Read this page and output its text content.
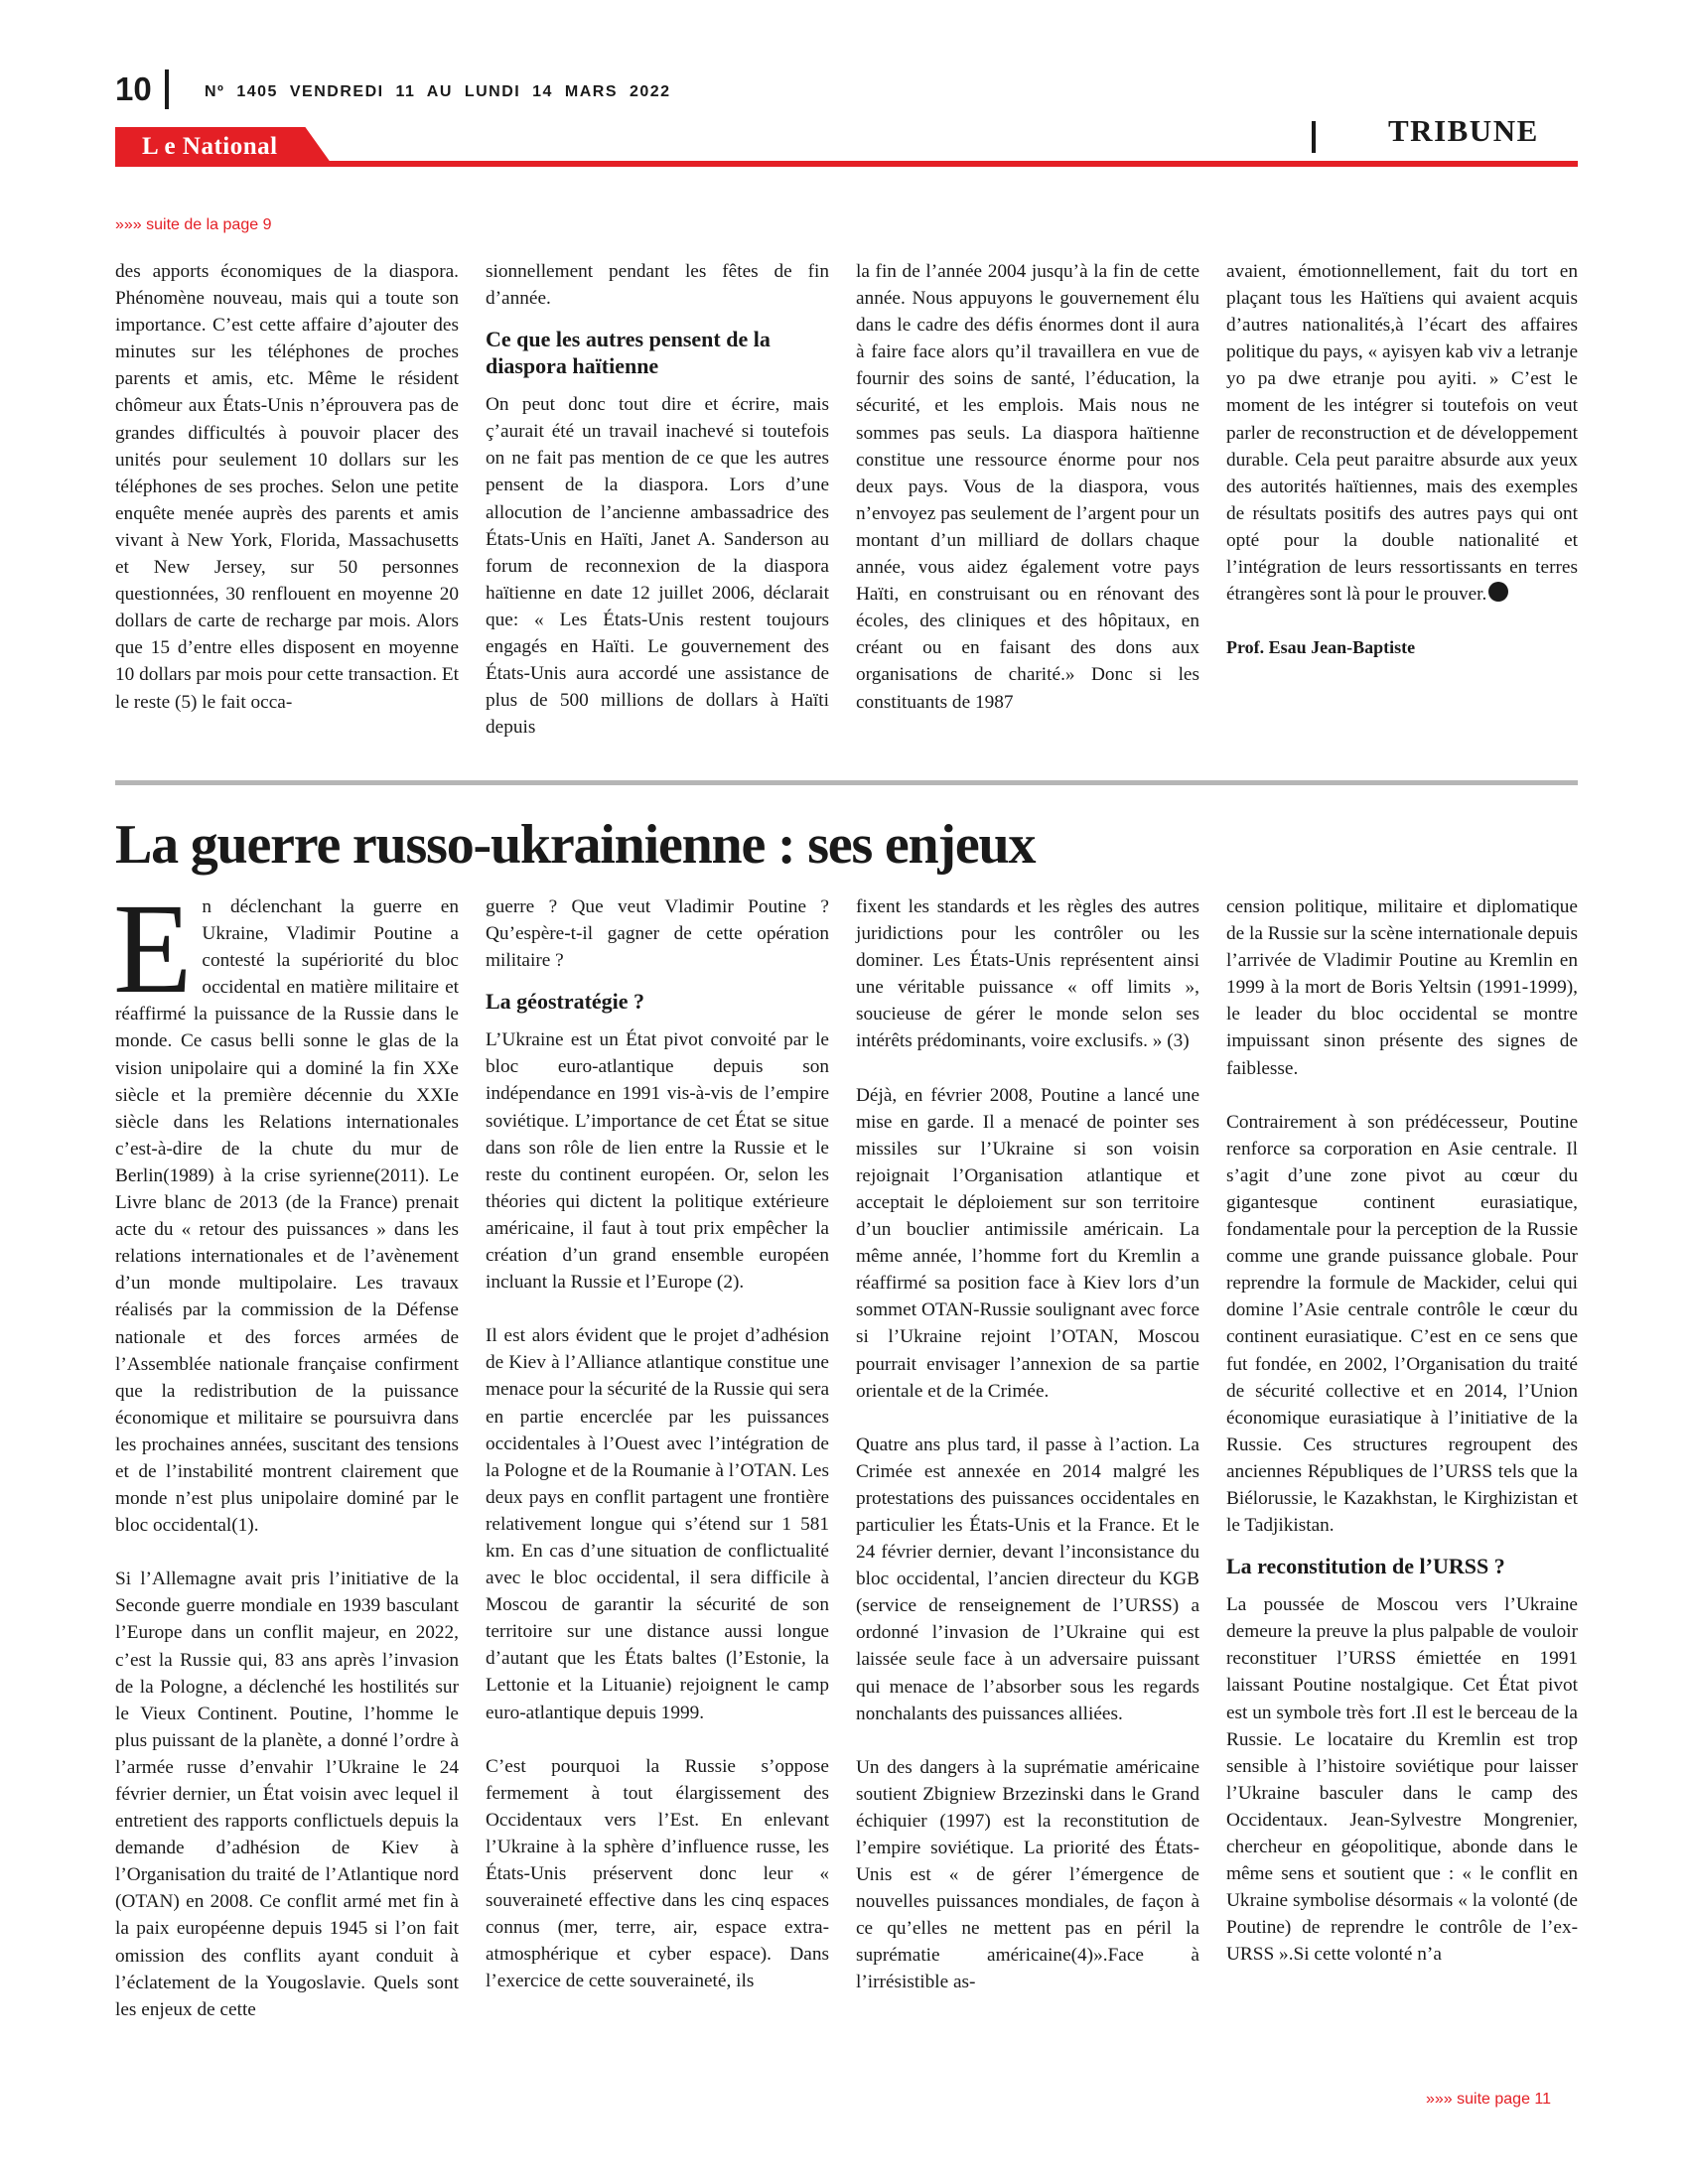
10	Nº 1405 VENDREDI 11 AU LUNDI 14 MARS 2022
L e National	TRIBUNE
»»» suite de la page 9

des apports économiques de la diaspora. Phénomène nouveau, mais qui a toute son importance. C’est cette affaire d’ajouter des minutes sur les téléphones de proches parents et amis, etc. Même le résident chômeur aux États-Unis n’éprouvera pas de grandes difficultés à pouvoir placer des unités pour seulement 10 dollars sur les téléphones de ses proches. Selon une petite enquête menée auprès des parents et amis vivant à New York, Florida, Massachusetts et New Jersey, sur 50 personnes questionnées, 30 renflouent en moyenne 20 dollars de carte de recharge par mois. Alors que 15 d’entre elles disposent en moyenne 10 dollars par mois pour cette transaction. Et le reste (5) le fait occa-

sionnellement pendant les fêtes de fin d’année.

Ce que les autres pensent de la diaspora haïtienne

On peut donc tout dire et écrire, mais ç’aurait été un travail inachevé si toutefois on ne fait pas mention de ce que les autres pensent de la diaspora. Lors d’une allocution de l’ancienne ambassadrice des États-Unis en Haïti, Janet A. Sanderson au forum de reconnexion de la diaspora haïtienne en date 12 juillet 2006, déclarait que: « Les États-Unis restent toujours engagés en Haïti. Le gouvernement des États-Unis aura accordé une assistance de plus de 500 millions de dollars à Haïti depuis

la fin de l’année 2004 jusqu’à la fin de cette année. Nous appuyons le gouvernement élu dans le cadre des défis énormes dont il aura à faire face alors qu’il travaillera en vue de fournir des soins de santé, l’éducation, la sécurité, et les emplois. Mais nous ne sommes pas seuls. La diaspora haïtienne constitue une ressource énorme pour nos deux pays. Vous de la diaspora, vous n’envoyez pas seulement de l’argent pour un montant d’un milliard de dollars chaque année, vous aidez également votre pays Haïti, en construisant ou en rénovant des écoles, des cliniques et des hôpitaux, en créant ou en faisant des dons aux organisations de charité.» Donc si les constituants de 1987

avaient, émotionnellement, fait du tort en plaçant tous les Haïtiens qui avaient acquis d’autres nationalités,à l’écart des affaires politique du pays, « ayisyen kab viv a letranje yo pa dwe etranje pou ayiti. » C’est le moment de les intégrer si toutefois on veut parler de reconstruction et de développement durable. Cela peut paraitre absurde aux yeux des autorités haïtiennes, mais des exemples de résultats positifs des autres pays qui ont opté pour la double nationalité et l’intégration de leurs ressortissants en terres étrangères sont là pour le prouver.

Prof. Esau Jean-Baptiste
La guerre russo-ukrainienne : ses enjeux

En déclenchant la guerre en Ukraine, Vladimir Poutine a contesté la supériorité du bloc occidental en matière militaire et réaffirmé la puissance de la Russie dans le monde. Ce casus belli sonne le glas de la vision unipolaire qui a dominé la fin XXe siècle et la première décennie du XXIe siècle dans les Relations internationales c’est-à-dire de la chute du mur de Berlin(1989) à la crise syrienne(2011). Le Livre blanc de 2013 (de la France) prenait acte du « retour des puissances » dans les relations internationales et de l’avènement d’un monde multipolaire. Les travaux réalisés par la commission de la Défense nationale et des forces armées de l’Assemblée nationale française confirment que la redistribution de la puissance économique et militaire se poursuivra dans les prochaines années, suscitant des tensions et de l’instabilité montrent clairement que monde n’est plus unipolaire dominé par le bloc occidental(1).

Si l’Allemagne avait pris l’initiative de la Seconde guerre mondiale en 1939 basculant l’Europe dans un conflit majeur, en 2022, c’est la Russie qui, 83 ans après l’invasion de la Pologne, a déclenché les hostilités sur le Vieux Continent. Poutine, l’homme le plus puissant de la planète, a donné l’ordre à l’armée russe d’envahir l’Ukraine le 24 février dernier, un État voisin avec lequel il entretient des rapports conflictuels depuis la demande d’adhésion de Kiev à l’Organisation du traité de l’Atlantique nord (OTAN) en 2008. Ce conflit armé met fin à la paix européenne depuis 1945 si l’on fait omission des conflits ayant conduit à l’éclatement de la Yougoslavie. Quels sont les enjeux de cette

guerre ? Que veut Vladimir Poutine ? Qu’espère-t-il gagner de cette opération militaire ?

La géostratégie ?

L’Ukraine est un État pivot convoité par le bloc euro-atlantique depuis son indépendance en 1991 vis-à-vis de l’empire soviétique. L’importance de cet État se situe dans son rôle de lien entre la Russie et le reste du continent européen. Or, selon les théories qui dictent la politique extérieure américaine, il faut à tout prix empêcher la création d’un grand ensemble européen incluant la Russie et l’Europe (2).

Il est alors évident que le projet d’adhésion de Kiev à l’Alliance atlantique constitue une menace pour la sécurité de la Russie qui sera en partie encerclée par les puissances occidentales à l’Ouest avec l’intégration de la Pologne et de la Roumanie à l’OTAN. Les deux pays en conflit partagent une frontière relativement longue qui s’étend sur 1 581 km. En cas d’une situation de conflictualité avec le bloc occidental, il sera difficile à Moscou de garantir la sécurité de son territoire sur une distance aussi longue d’autant que les États baltes (l’Estonie, la Lettonie et la Lituanie) rejoignent le camp euro-atlantique depuis 1999.

C’est pourquoi la Russie s’oppose fermement à tout élargissement des Occidentaux vers l’Est. En enlevant l’Ukraine à la sphère d’influence russe, les États-Unis préservent donc leur « souveraineté effective dans les cinq espaces connus (mer, terre, air, espace extra-atmosphérique et cyber espace). Dans l’exercice de cette souveraineté, ils

fixent les standards et les règles des autres juridictions pour les contrôler ou les dominer. Les États-Unis représentent ainsi une véritable puissance « off limits », soucieuse de gérer le monde selon ses intérêts prédominants, voire exclusifs. » (3)

Déjà, en février 2008, Poutine a lancé une mise en garde. Il a menacé de pointer ses missiles sur l’Ukraine si son voisin rejoignait l’Organisation atlantique et acceptait le déploiement sur son territoire d’un bouclier antimissile américain. La même année, l’homme fort du Kremlin a réaffirmé sa position face à Kiev lors d’un sommet OTAN-Russie soulignant avec force si l’Ukraine rejoint l’OTAN, Moscou pourrait envisager l’annexion de sa partie orientale et de la Crimée.

Quatre ans plus tard, il passe à l’action. La Crimée est annexée en 2014 malgré les protestations des puissances occidentales en particulier les États-Unis et la France. Et le 24 février dernier, devant l’inconsistance du bloc occidental, l’ancien directeur du KGB (service de renseignement de l’URSS) a ordonné l’invasion de l’Ukraine qui est laissée seule face à un adversaire puissant qui menace de l’absorber sous les regards nonchalants des puissances alliées.

Un des dangers à la suprématie américaine soutient Zbigniew Brzezinski dans le Grand échiquier (1997) est la reconstitution de l’empire soviétique. La priorité des États-Unis est « de gérer l’émergence de nouvelles puissances mondiales, de façon à ce qu’elles ne mettent pas en péril la suprématie américaine(4)».Face à l’irrésistible as-

cension politique, militaire et diplomatique de la Russie sur la scène internationale depuis l’arrivée de Vladimir Poutine au Kremlin en 1999 à la mort de Boris Yeltsin (1991-1999), le leader du bloc occidental se montre impuissant sinon présente des signes de faiblesse.

Contrairement à son prédécesseur, Poutine renforce sa corporation en Asie centrale. Il s’agit d’une zone pivot au cœur du gigantesque continent eurasiatique, fondamentale pour la perception de la Russie comme une grande puissance globale. Pour reprendre la formule de Mackider, celui qui domine l’Asie centrale contrôle le cœur du continent eurasiatique. C’est en ce sens que fut fondée, en 2002, l’Organisation du traité de sécurité collective et en 2014, l’Union économique eurasiatique à l’initiative de la Russie. Ces structures regroupent des anciennes Républiques de l’URSS tels que la Biélorussie, le Kazakhstan, le Kirghizistan et le Tadjikistan.

La reconstitution de l’URSS ?

La poussée de Moscou vers l’Ukraine demeure la preuve la plus palpable de vouloir reconstituer l’URSS émiettée en 1991 laissant Poutine nostalgique. Cet État pivot est un symbole très fort .Il est le berceau de la Russie. Le locataire du Kremlin est trop sensible à l’histoire soviétique pour laisser l’Ukraine basculer dans le camp des Occidentaux. Jean-Sylvestre Mongrenier, chercheur en géopolitique, abonde dans le même sens et soutient que : « le conflit en Ukraine symbolise désormais « la volonté (de Poutine) de reprendre le contrôle de l’ex-URSS ».Si cette volonté n’a

»»» suite page 11
